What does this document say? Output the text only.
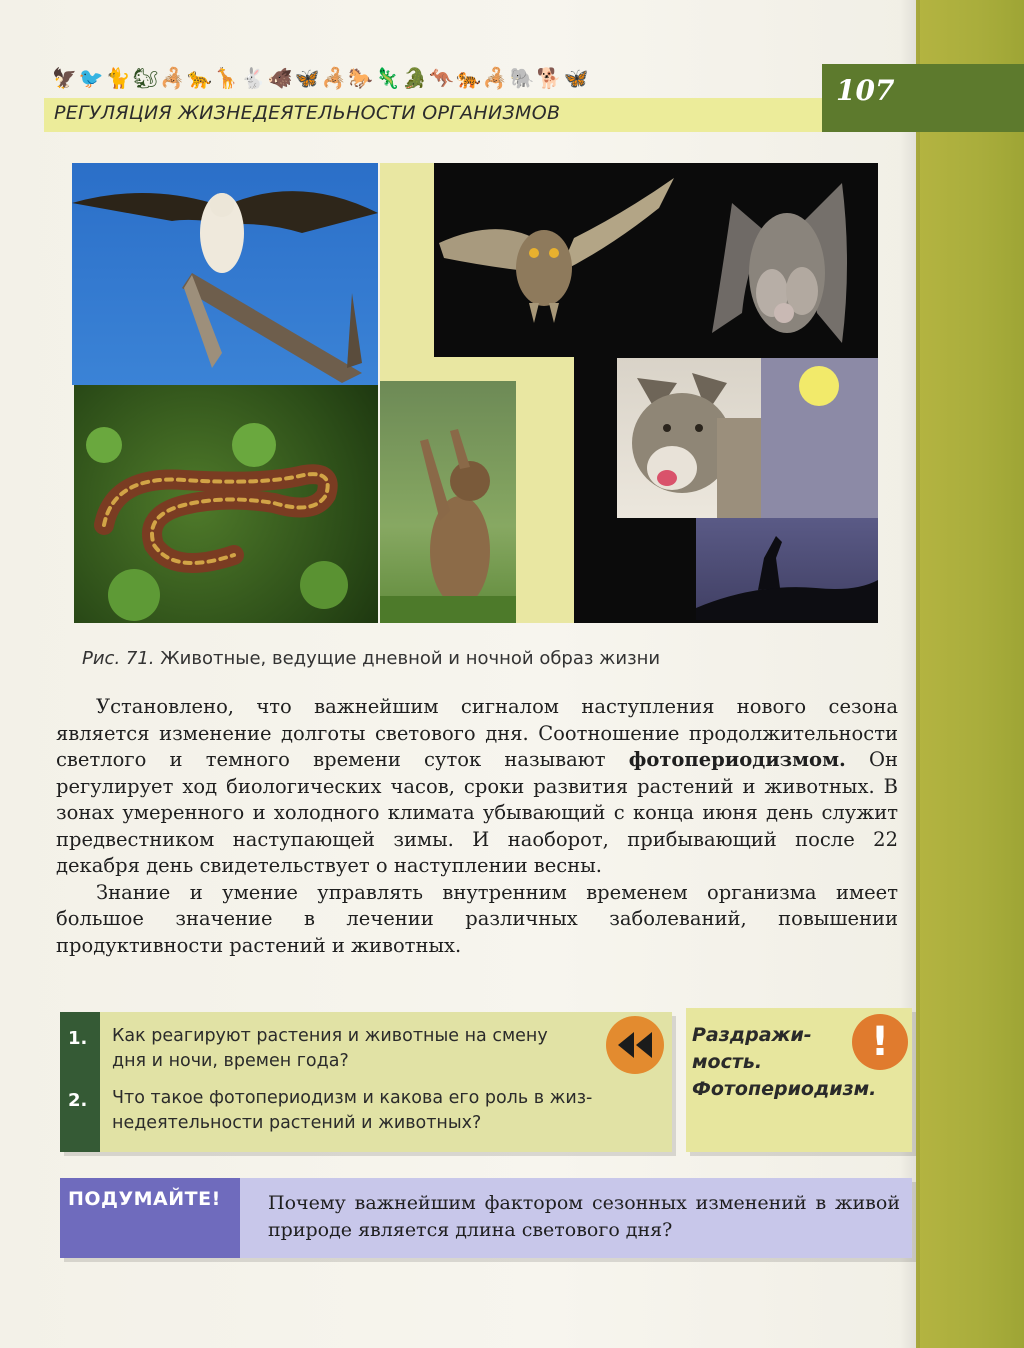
🦅🐦🐈🐿🦂🐆🦒🐇🐗🦋🦂🐎🦎🐊🦘🐅🦂🐘🐕🦋
РЕГУЛЯЦИЯ ЖИЗНЕДЕЯТЕЛЬНОСТИ ОРГАНИЗМОВ
107
Рис. 71. Животные, ведущие дневной и ночной образ жизни

Установлено, что важнейшим сигналом наступления нового сезона является изменение долготы светового дня. Соотношение продолжительности светлого и темного времени суток называют фотопериодизмом. Он регулирует ход биологических часов, сроки развития растений и животных. В зонах умеренного и холодного климата убывающий с конца июня день служит предвестником наступающей зимы. И наоборот, прибывающий после 22 декабря день свидетельствует о наступлении весны.

Знание и умение управлять внутренним временем организма имеет большое значение в лечении различных заболеваний, повышении продуктивности растений и животных.

1. Как реагируют растения и животные на смену
дня и ночи, времен года?
2. Что такое фотопериодизм и какова его роль в жиз-
недеятельности растений и животных?
Раздражи-
мость.
Фотопериодизм.
!
ПОДУМАЙТЕ! Почему важнейшим фактором сезонных изменений в живой природе является длина светового дня?
